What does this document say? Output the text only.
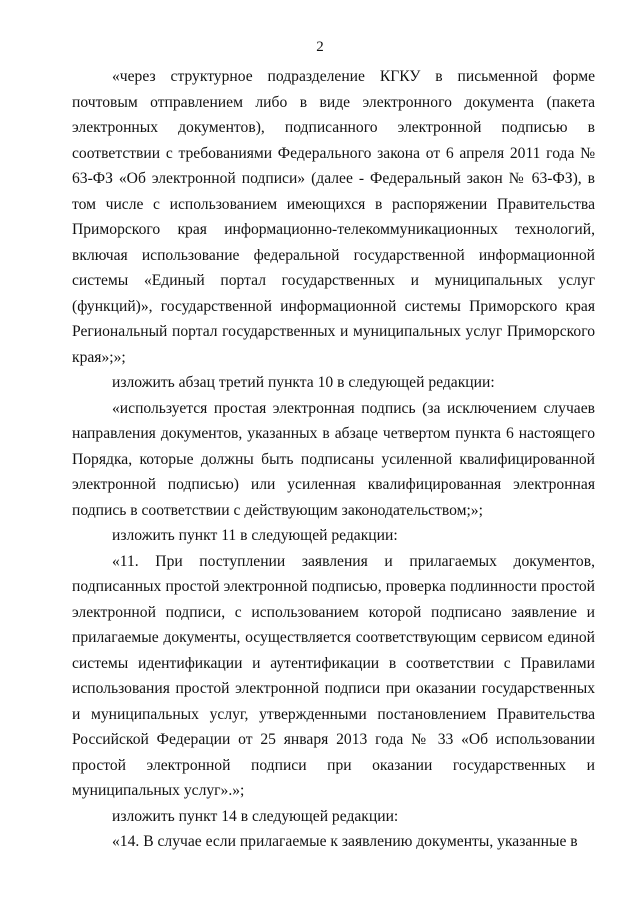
2

«через структурное подразделение КГКУ в письменной форме почтовым отправлением либо в виде электронного документа (пакета электронных документов), подписанного электронной подписью в соответствии с требованиями Федерального закона от 6 апреля 2011 года № 63-ФЗ «Об электронной подписи» (далее - Федеральный закон № 63-ФЗ), в том числе с использованием имеющихся в распоряжении Правительства Приморского края информационно-телекоммуникационных технологий, включая использование федеральной государственной информационной системы «Единый портал государственных и муниципальных услуг (функций)», государственной информационной системы Приморского края Региональный портал государственных и муниципальных услуг Приморского края»;»;

изложить абзац третий пункта 10 в следующей редакции:

«используется простая электронная подпись (за исключением случаев направления документов, указанных в абзаце четвертом пункта 6 настоящего Порядка, которые должны быть подписаны усиленной квалифицированной электронной подписью) или усиленная квалифицированная электронная подпись в соответствии с действующим законодательством;»;

изложить пункт 11 в следующей редакции:

«11. При поступлении заявления и прилагаемых документов, подписанных простой электронной подписью, проверка подлинности простой электронной подписи, с использованием которой подписано заявление и прилагаемые документы, осуществляется соответствующим сервисом единой системы идентификации и аутентификации в соответствии с Правилами использования простой электронной подписи при оказании государственных и муниципальных услуг, утвержденными постановлением Правительства Российской Федерации от 25 января 2013 года № 33 «Об использовании простой электронной подписи при оказании государственных и муниципальных услуг».»;

изложить пункт 14 в следующей редакции:

«14. В случае если прилагаемые к заявлению документы, указанные в
